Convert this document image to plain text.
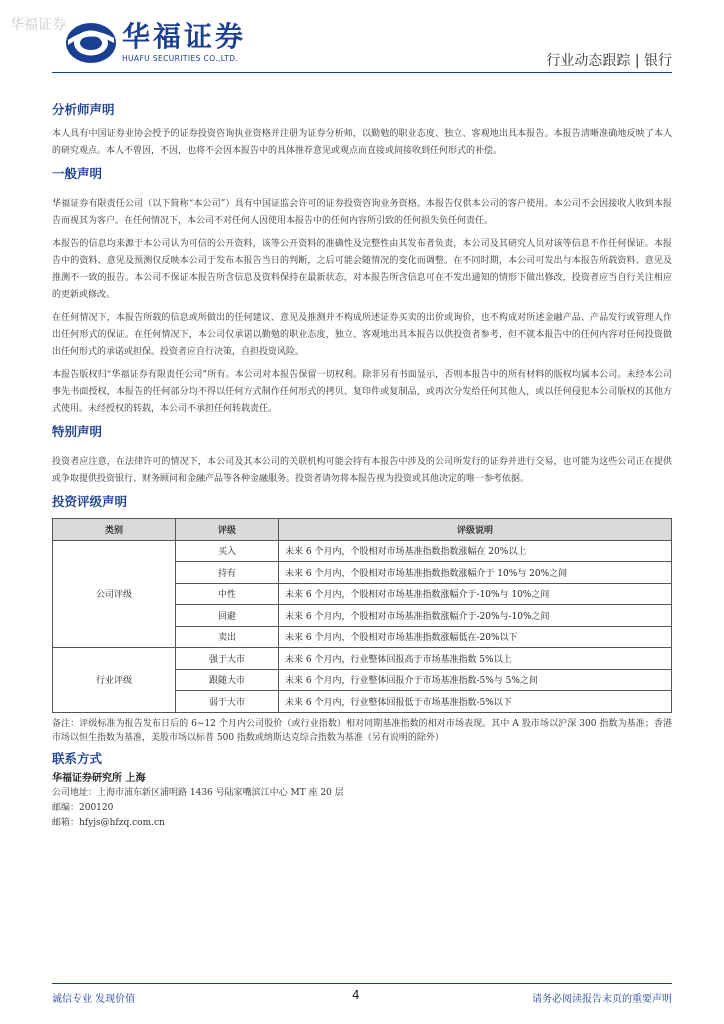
华福证券 华福证券
HUAFU SECURITIES CO.,LTD.	行业动态跟踪 | 银行
分析师声明

本人具有中国证券业协会授予的证券投资咨询执业资格并注册为证券分析师，以勤勉的职业态度、独立、客观地出具本报告。本报告清晰准确地反映了本人的研究观点。本人不曾因，不因，也将不会因本报告中的具体推荐意见或观点而直接或间接收到任何形式的补偿。

一般声明

华福证券有限责任公司（以下简称“本公司”）具有中国证监会许可的证券投资咨询业务资格。本报告仅供本公司的客户使用。本公司不会因接收人收到本报告而视其为客户。在任何情况下，本公司不对任何人因使用本报告中的任何内容所引致的任何损失负任何责任。

本报告的信息均来源于本公司认为可信的公开资料，该等公开资料的准确性及完整性由其发布者负责，本公司及其研究人员对该等信息不作任何保证。本报告中的资料、意见及预测仅反映本公司于发布本报告当日的判断，之后可能会随情况的变化而调整。在不同时期，本公司可发出与本报告所载资料、意见及推测不一致的报告。本公司不保证本报告所含信息及资料保持在最新状态，对本报告所含信息可在不发出通知的情形下做出修改，投资者应当自行关注相应的更新或修改。

在任何情况下，本报告所载的信息或所做出的任何建议、意见及推测并不构成所述证券买卖的出价或询价，也不构成对所述金融产品、产品发行或管理人作出任何形式的保证。在任何情况下，本公司仅承诺以勤勉的职业态度，独立、客观地出具本报告以供投资者参考，但不就本报告中的任何内容对任何投资做出任何形式的承诺或担保。投资者应自行决策，自担投资风险。

本报告版权归“华福证券有限责任公司”所有。本公司对本报告保留一切权利。除非另有书面显示，否则本报告中的所有材料的版权均属本公司。未经本公司事先书面授权，本报告的任何部分均不得以任何方式制作任何形式的拷贝、复印件或复制品，或再次分发给任何其他人，或以任何侵犯本公司版权的其他方式使用。未经授权的转载，本公司不承担任何转载责任。

特别声明

投资者应注意，在法律许可的情况下，本公司及其本公司的关联机构可能会持有本报告中涉及的公司所发行的证券并进行交易，也可能为这些公司正在提供或争取提供投资银行、财务顾问和金融产品等各种金融服务。投资者请勿将本报告视为投资或其他决定的唯一参考依据。

投资评级声明
类别	评级	评级说明
公司评级	买入	未来 6 个月内，个股相对市场基准指数指数涨幅在 20%以上
	持有	未来 6 个月内，个股相对市场基准指数指数涨幅介于 10%与 20%之间
	中性	未来 6 个月内，个股相对市场基准指数涨幅介于-10%与 10%之间
	回避	未来 6 个月内，个股相对市场基准指数涨幅介于-20%与-10%之间
	卖出	未来 6 个月内，个股相对市场基准指数涨幅低在-20%以下
行业评级	强于大市	未来 6 个月内，行业整体回报高于市场基准指数 5%以上
	跟随大市	未来 6 个月内，行业整体回报介于市场基准指数-5%与 5%之间
	弱于大市	未来 6 个月内，行业整体回报低于市场基准指数-5%以下

备注：评级标准为报告发布日后的 6~12 个月内公司股价（或行业指数）相对同期基准指数的相对市场表现。其中 A 股市场以沪深 300 指数为基准；香港市场以恒生指数为基准，美股市场以标普 500 指数或纳斯达克综合指数为基准（另有说明的除外）

联系方式
华福证券研究所 上海
公司地址：上海市浦东新区浦明路 1436 号陆家嘴滨江中心 MT 座 20 层
邮编：200120
邮箱：hfyjs@hfzq.com.cn
诚信专业 发现价值	4	请务必阅读报告末页的重要声明
